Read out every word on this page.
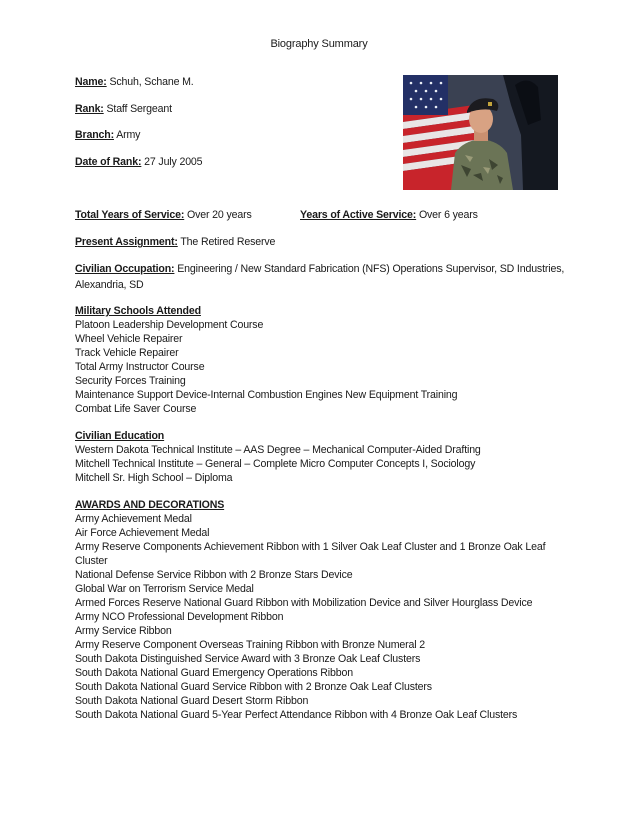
Biography Summary
Name: Schuh, Schane M.
Rank: Staff Sergeant
Branch: Army
Date of Rank: 27 July 2005
Total Years of Service: Over 20 years	Years of Active Service: Over 6 years
Present Assignment: The Retired Reserve
Civilian Occupation: Engineering / New Standard Fabrication (NFS) Operations Supervisor, SD Industries, Alexandria, SD
Military Schools Attended
Platoon Leadership Development Course
Wheel Vehicle Repairer
Track Vehicle Repairer
Total Army Instructor Course
Security Forces Training
Maintenance Support Device-Internal Combustion Engines New Equipment Training
Combat Life Saver Course
Civilian Education
Western Dakota Technical Institute – AAS Degree – Mechanical Computer-Aided Drafting
Mitchell Technical Institute – General – Complete Micro Computer Concepts I, Sociology
Mitchell Sr. High School – Diploma
AWARDS AND DECORATIONS
Army Achievement Medal
Air Force Achievement Medal
Army Reserve Components Achievement Ribbon with 1 Silver Oak Leaf Cluster and 1 Bronze Oak Leaf Cluster
National Defense Service Ribbon with 2 Bronze Stars Device
Global War on Terrorism Service Medal
Armed Forces Reserve National Guard Ribbon with Mobilization Device and Silver Hourglass Device
Army NCO Professional Development Ribbon
Army Service Ribbon
Army Reserve Component Overseas Training Ribbon with Bronze Numeral 2
South Dakota Distinguished Service Award with 3 Bronze Oak Leaf Clusters
South Dakota National Guard Emergency Operations Ribbon
South Dakota National Guard Service Ribbon with 2 Bronze Oak Leaf Clusters
South Dakota National Guard Desert Storm Ribbon
South Dakota National Guard 5-Year Perfect Attendance Ribbon with 4 Bronze Oak Leaf Clusters
